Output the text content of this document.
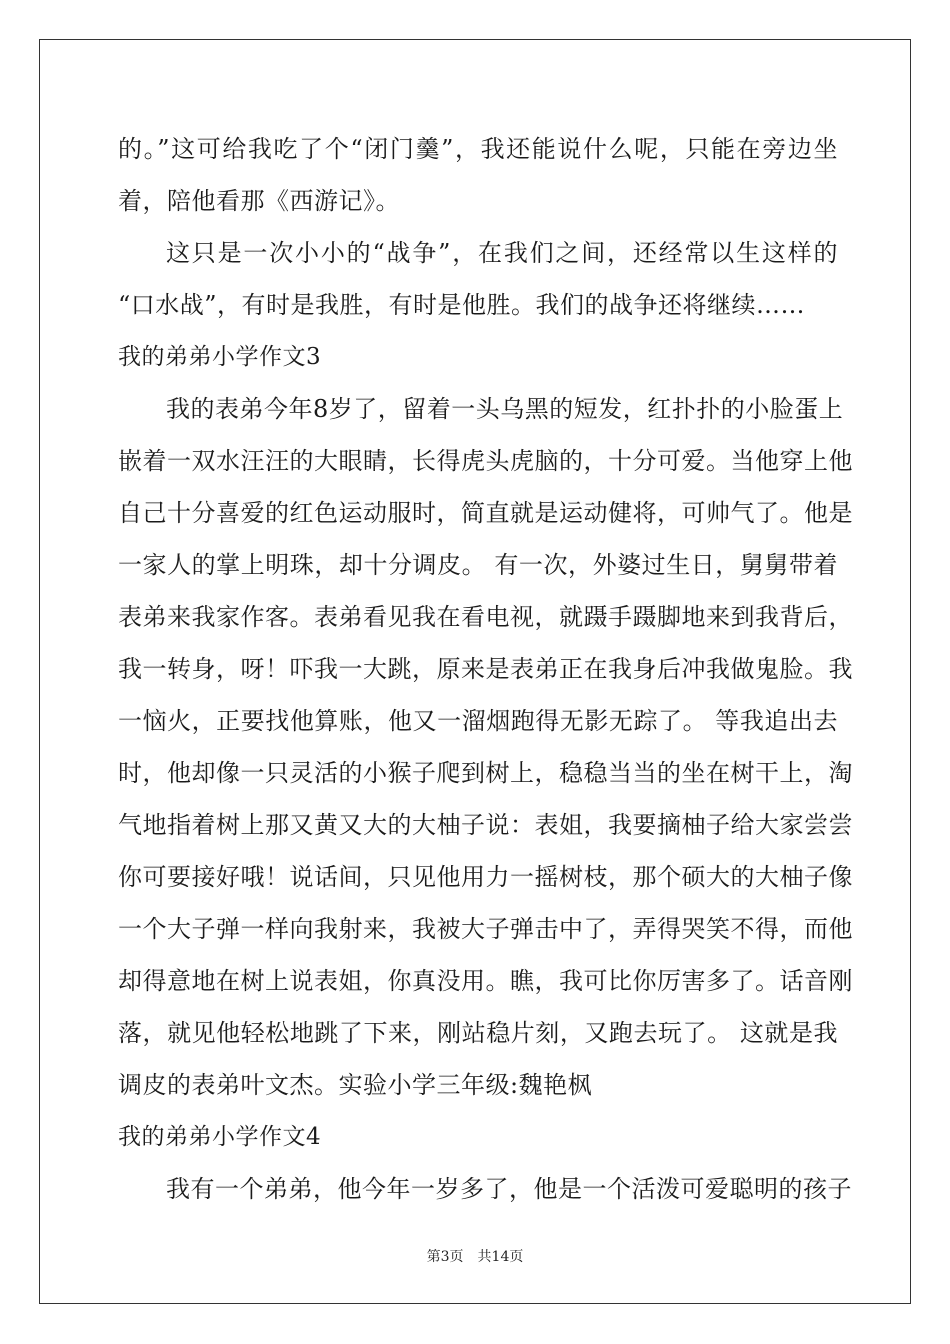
的。”这可给我吃了个“闭门羹”，我还能说什么呢，只能在旁边坐
着，陪他看那《西游记》。
这只是一次小小的“战争”，在我们之间，还经常以生这样的
“口水战”，有时是我胜，有时是他胜。我们的战争还将继续……
我的弟弟小学作文3
我的表弟今年8岁了，留着一头乌黑的短发，红扑扑的小脸蛋上
嵌着一双水汪汪的大眼睛，长得虎头虎脑的，十分可爱。当他穿上他
自己十分喜爱的红色运动服时，简直就是运动健将，可帅气了。他是
一家人的掌上明珠，却十分调皮。 有一次，外婆过生日，舅舅带着
表弟来我家作客。表弟看见我在看电视，就蹑手蹑脚地来到我背后，
我一转身，呀！吓我一大跳，原来是表弟正在我身后冲我做鬼脸。我
一恼火，正要找他算账，他又一溜烟跑得无影无踪了。 等我追出去
时，他却像一只灵活的小猴子爬到树上，稳稳当当的坐在树干上，淘
气地指着树上那又黄又大的大柚子说：表姐，我要摘柚子给大家尝尝
你可要接好哦！说话间，只见他用力一摇树枝，那个硕大的大柚子像
一个大子弹一样向我射来，我被大子弹击中了，弄得哭笑不得，而他
却得意地在树上说表姐，你真没用。瞧，我可比你厉害多了。话音刚
落，就见他轻松地跳了下来，刚站稳片刻，又跑去玩了。 这就是我
调皮的表弟叶文杰。实验小学三年级:魏艳枫
我的弟弟小学作文4
我有一个弟弟，他今年一岁多了，他是一个活泼可爱聪明的孩子
第3页 共14页
